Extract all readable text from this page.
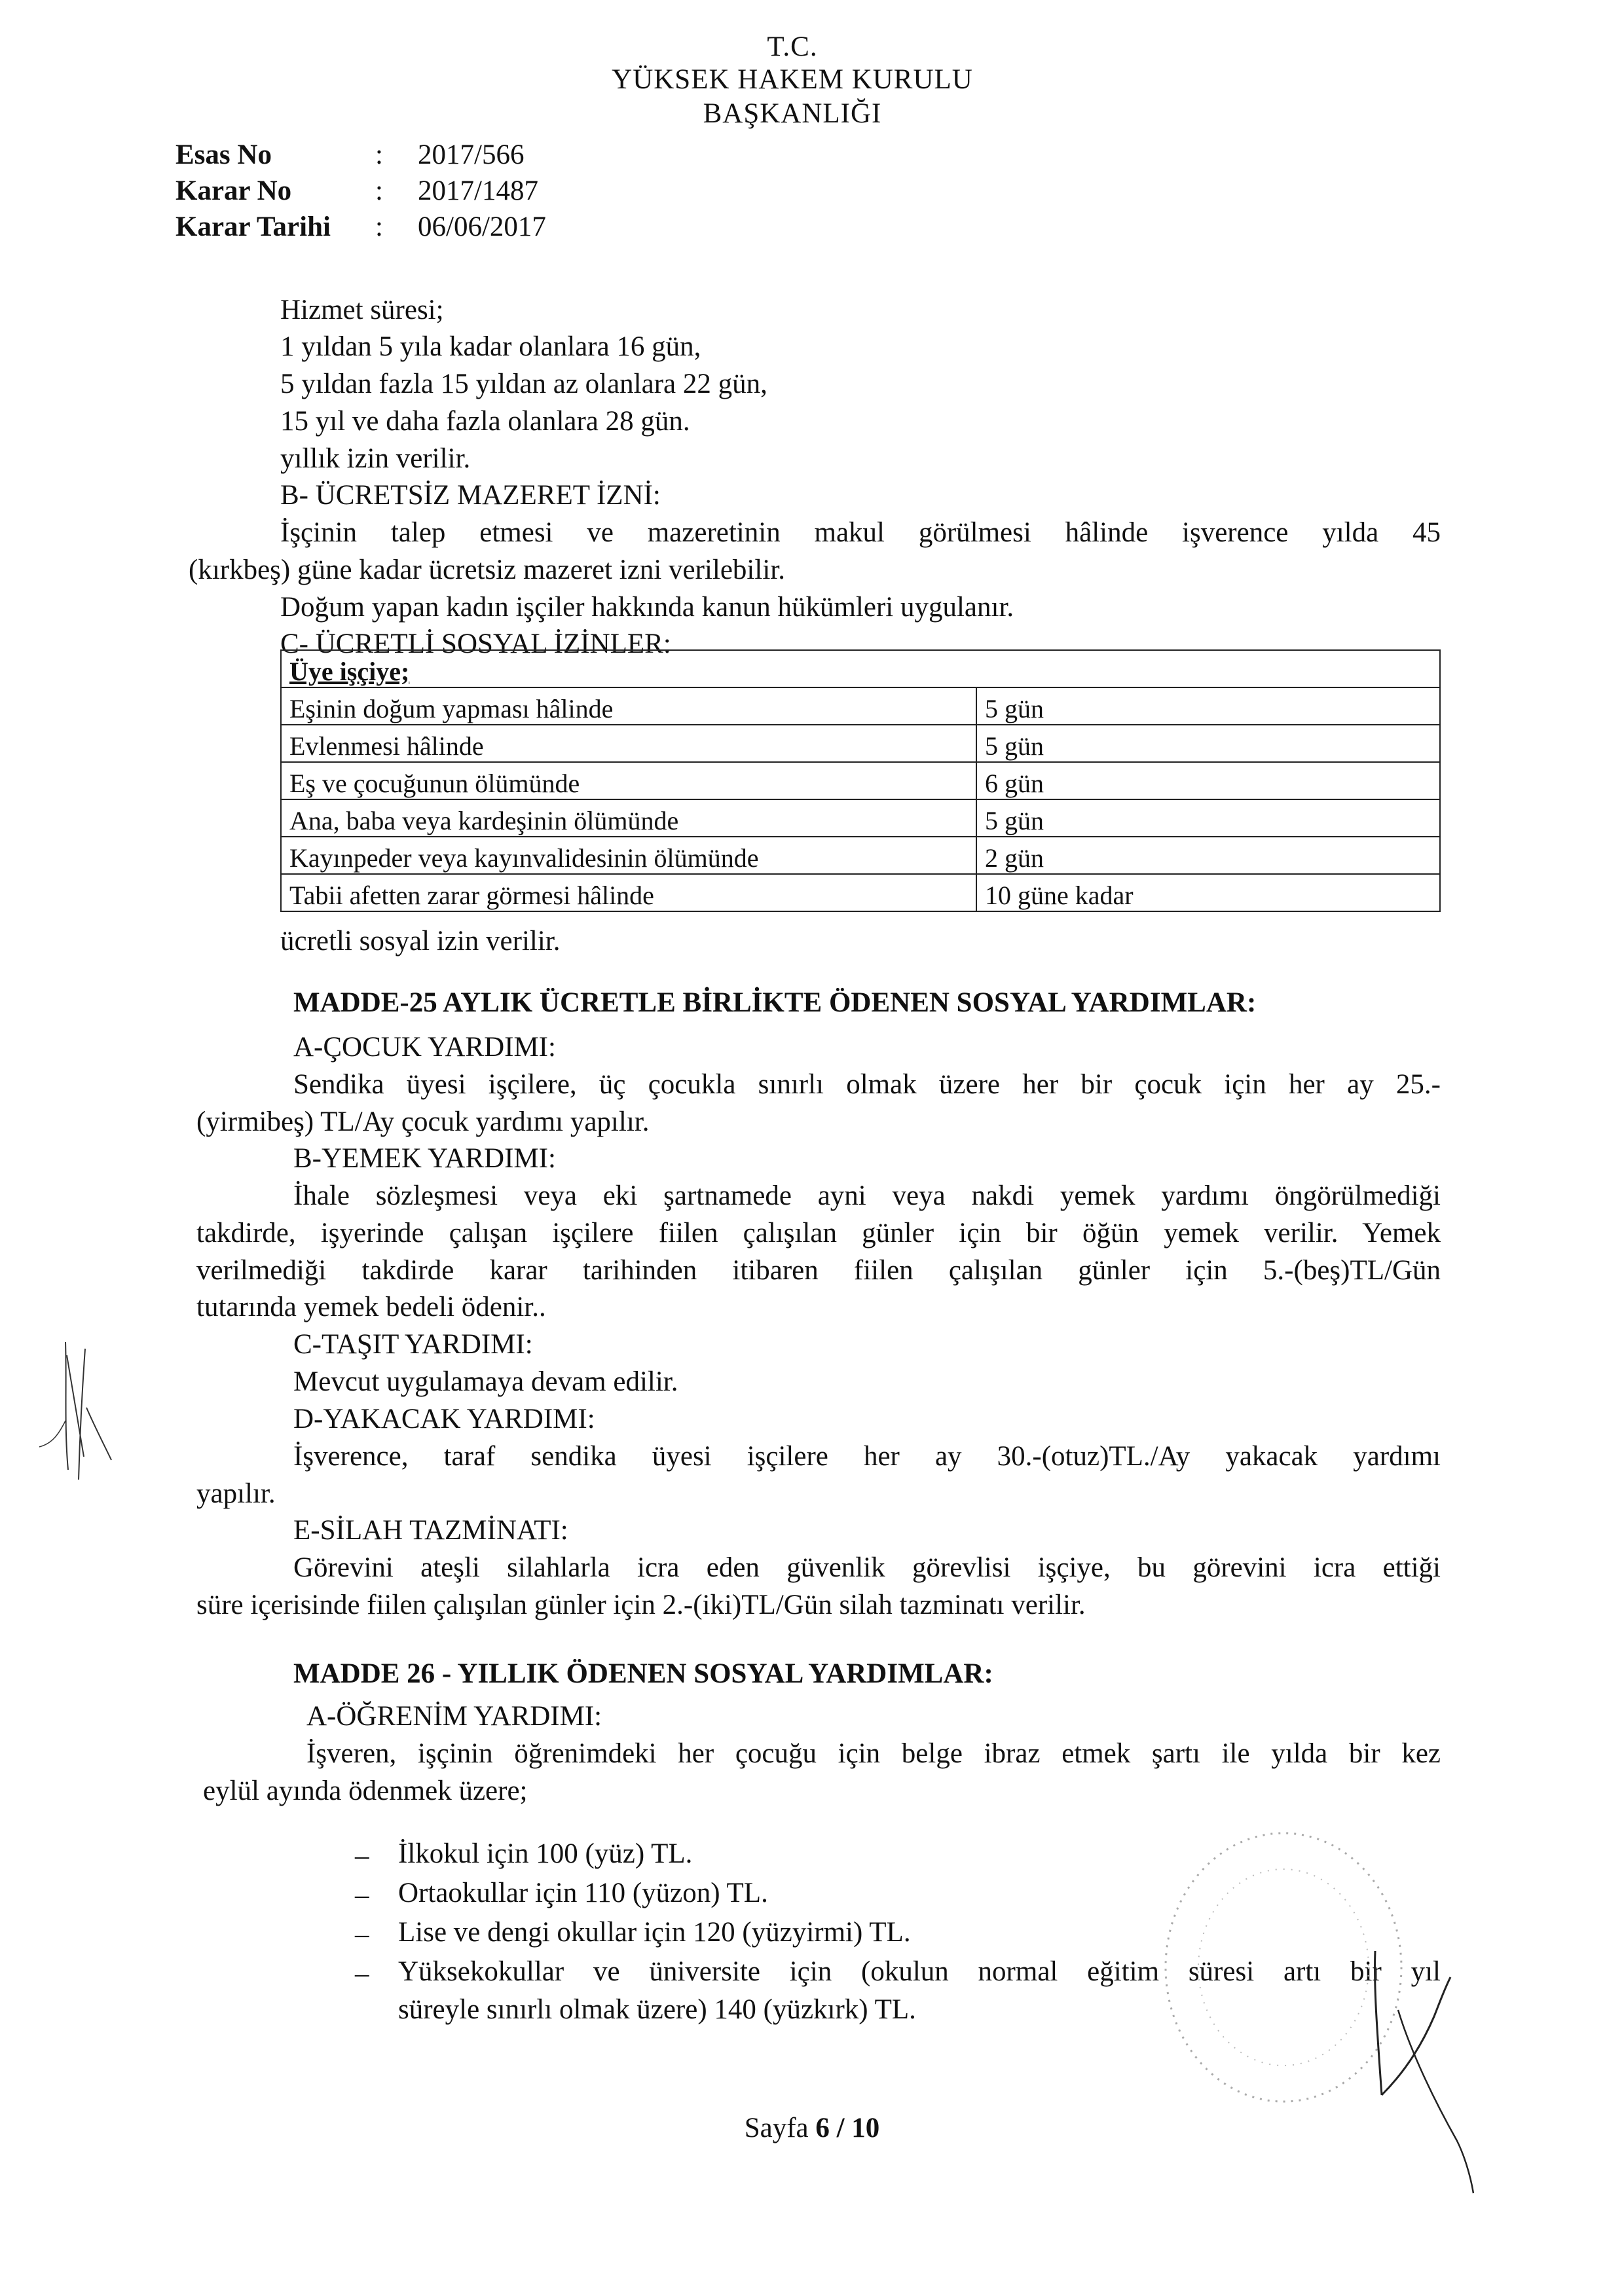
T.C.
YÜKSEK HAKEM KURULU
BAŞKANLIĞI
Esas No	:	2017/566
Karar No	:	2017/1487
Karar Tarihi	:	06/06/2017
Hizmet süresi;
1 yıldan 5 yıla kadar olanlara 16 gün,
5 yıldan fazla 15 yıldan az olanlara 22 gün,
15 yıl ve daha fazla olanlara 28 gün.
yıllık izin verilir.
B- ÜCRETSİZ MAZERET İZNİ:
İşçinin talep etmesi ve mazeretinin makul görülmesi hâlinde işverence yılda 45
(kırkbeş) güne kadar ücretsiz mazeret izni verilebilir.
Doğum yapan kadın işçiler hakkında kanun hükümleri uygulanır.
C- ÜCRETLİ SOSYAL İZİNLER:
Üye işçiye;	
Eşinin doğum yapması hâlinde	5 gün
Evlenmesi hâlinde	5 gün
Eş ve çocuğunun ölümünde	6 gün
Ana, baba veya kardeşinin ölümünde	5 gün
Kayınpeder veya kayınvalidesinin ölümünde	2 gün
Tabii afetten zarar görmesi hâlinde	10 güne kadar
ücretli sosyal izin verilir.
MADDE-25 AYLIK ÜCRETLE BİRLİKTE ÖDENEN SOSYAL YARDIMLAR:
A-ÇOCUK YARDIMI:
Sendika üyesi işçilere, üç çocukla sınırlı olmak üzere her bir çocuk için her ay 25.-
(yirmibeş) TL/Ay çocuk yardımı yapılır.
B-YEMEK YARDIMI:
İhale sözleşmesi veya eki şartnamede ayni veya nakdi yemek yardımı öngörülmediği
takdirde, işyerinde çalışan işçilere fiilen çalışılan günler için bir öğün yemek verilir. Yemek
verilmediği takdirde karar tarihinden itibaren fiilen çalışılan günler için 5.-(beş)TL/Gün
tutarında yemek bedeli ödenir..
C-TAŞIT YARDIMI:
Mevcut uygulamaya devam edilir.
D-YAKACAK YARDIMI:
İşverence, taraf sendika üyesi işçilere her ay 30.-(otuz)TL./Ay yakacak yardımı
yapılır.
E-SİLAH TAZMİNATI:
Görevini ateşli silahlarla icra eden güvenlik görevlisi işçiye, bu görevini icra ettiği
süre içerisinde fiilen çalışılan günler için 2.-(iki)TL/Gün silah tazminatı verilir.
MADDE 26 - YILLIK ÖDENEN SOSYAL YARDIMLAR:
A-ÖĞRENİM YARDIMI:
İşveren, işçinin öğrenimdeki her çocuğu için belge ibraz etmek şartı ile yılda bir kez
eylül ayında ödenmek üzere;
– İlkokul için 100 (yüz) TL.
– Ortaokullar için 110 (yüzon) TL.
– Lise ve dengi okullar için 120 (yüzyirmi) TL.
– Yüksekokullar ve üniversite için (okulun normal eğitim süresi artı bir yıl
süreyle sınırlı olmak üzere) 140 (yüzkırk) TL.
Sayfa 6 / 10
